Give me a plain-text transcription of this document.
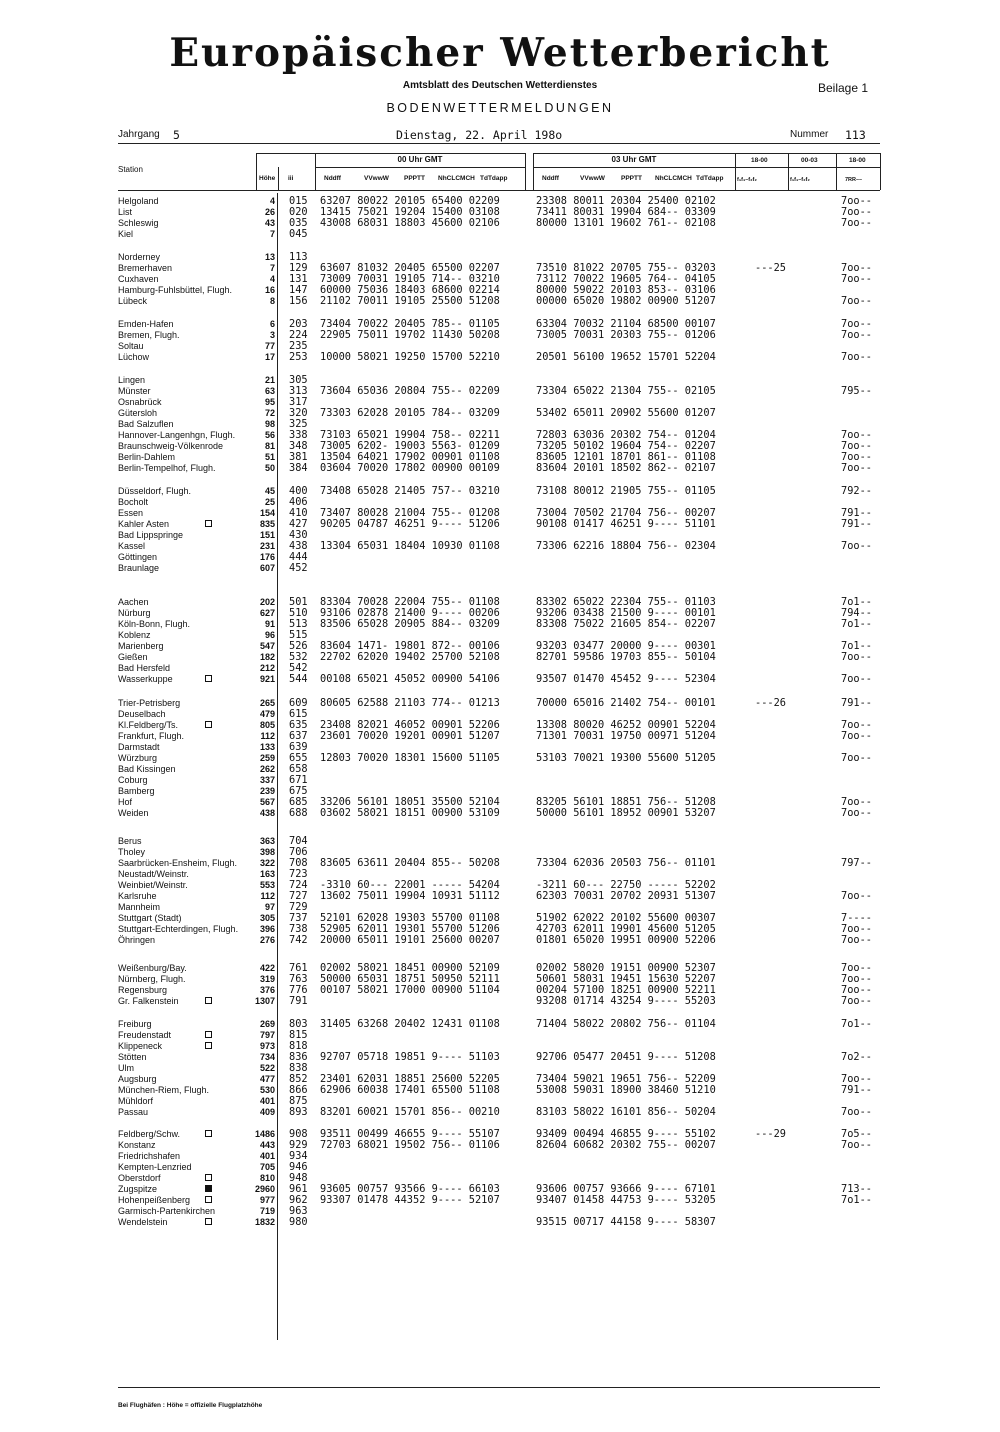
Europäischer Wetterbericht
Amtsblatt des Deutschen Wetterdienstes	Beilage 1
BODENWETTERMELDUNGEN
Jahrgang 5	Dienstag, 22. April 198o	Nummer 113
Station
Höhe iii
00 Uhr GMT	03 Uhr GMT
Nddff	VVwwW PPPTT NhCLCMCH TdTdapp	Nddff	VVwwW PPPTT NhCLCMCH TdTdapp
18-00	00-03	18-00
f₁f₁–f₂f₂	f₁f₁–f₂f₂	7RR––
Helgoland	4 015 63207 80022 20105 65400 02209	23308 80011 20304 25400 02102	7oo--
List	26 020 13415 75021 19204 15400 03108	73411 80031 19904 684-- 03309	7oo--
Schleswig	43 035 43008 68031 18803 45600 02106	80000 13101 19602 761-- 02108	7oo--
Kiel	7 045
Norderney	13 113
Bremerhaven	7 129 63607 81032 20405 65500 02207	73510 81022 20705 755-- 03203	---25	7oo--
Cuxhaven	4 131 73009 70031 19105 714-- 03210	73112 70022 19605 764-- 04105	7oo--
Hamburg-Fuhlsbüttel, Flugh.	16 147 60000 75036 18403 68600 02214	80000 59022 20103 853-- 03106
Lübeck	8 156 21102 70011 19105 25500 51208	00000 65020 19802 00900 51207	7oo--
Emden-Hafen	6 203 73404 70022 20405 785-- 01105	63304 70032 21104 68500 00107	7oo--
Bremen, Flugh.	3 224 22905 75011 19702 11430 50208	73005 70031 20303 755-- 01206	7oo--
Soltau	77 235
Lüchow	17 253 10000 58021 19250 15700 52210	20501 56100 19652 15701 52204	7oo--
Lingen	21 305
Münster	63 313 73604 65036 20804 755-- 02209	73304 65022 21304 755-- 02105	795--
Osnabrück	95 317
Gütersloh	72 320 73303 62028 20105 784-- 03209	53402 65011 20902 55600 01207
Bad Salzuflen	98 325
Hannover-Langenhgn, Flugh.	56 338 73103 65021 19904 758-- 02211	72803 63036 20302 754-- 01204	7oo--
Braunschweig-Völkenrode	81 348 73005 6202- 19003 5563- 01209	73205 50102 19604 754-- 02207	7oo--
Berlin-Dahlem	51 381 13504 64021 17902 00901 01108	83605 12101 18701 861-- 01108	7oo--
Berlin-Tempelhof, Flugh.	50 384 03604 70020 17802 00900 00109	83604 20101 18502 862-- 02107	7oo--
Düsseldorf, Flugh.	45 400 73408 65028 21405 757-- 03210	73108 80012 21905 755-- 01105	792--
Bocholt	25 406
Essen	154 410 73407 80028 21004 755-- 01208	73004 70502 21704 756-- 00207	791--
Kahler Asten	835 427 90205 04787 46251 9---- 51206	90108 01417 46251 9---- 51101	791--
Bad Lippspringe	151 430
Kassel	231 438 13304 65031 18404 10930 01108	73306 62216 18804 756-- 02304	7oo--
Göttingen	176 444
Braunlage	607 452
Aachen	202 501 83304 70028 22004 755-- 01108	83302 65022 22304 755-- 01103	7o1--
Nürburg	627 510 93106 02878 21400 9---- 00206	93206 03438 21500 9---- 00101	794--
Köln-Bonn, Flugh.	91 513 83506 65028 20905 884-- 03209	83308 75022 21605 854-- 02207	7o1--
Koblenz	96 515
Marienberg	547 526 83604 1471- 19801 872-- 00106	93203 03477 20000 9---- 00301	7o1--
Gießen	182 532 22702 62020 19402 25700 52108	82701 59586 19703 855-- 50104	7oo--
Bad Hersfeld	212 542
Wasserkuppe	921 544 00108 65021 45052 00900 54106	93507 01470 45452 9---- 52304	7oo--
Trier-Petrisberg	265 609 80605 62588 21103 774-- 01213	70000 65016 21402 754-- 00101	---26	791--
Deuselbach	479 615
Kl.Feldberg/Ts.	805 635 23408 82021 46052 00901 52206	13308 80020 46252 00901 52204	7oo--
Frankfurt, Flugh.	112 637 23601 70020 19201 00901 51207	71301 70031 19750 00971 51204	7oo--
Darmstadt	133 639
Würzburg	259 655 12803 70020 18301 15600 51105	53103 70021 19300 55600 51205	7oo--
Bad Kissingen	262 658
Coburg	337 671
Bamberg	239 675
Hof	567 685 33206 56101 18051 35500 52104	83205 56101 18851 756-- 51208	7oo--
Weiden	438 688 03602 58021 18151 00900 53109	50000 56101 18952 00901 53207	7oo--
Berus	363 704
Tholey	398 706
Saarbrücken-Ensheim, Flugh.	322 708 83605 63611 20404 855-- 50208	73304 62036 20503 756-- 01101	797--
Neustadt/Weinstr.	163 723
Weinbiet/Weinstr.	553 724 -3310 60--- 22001 ----- 54204	-3211 60--- 22750 ----- 52202
Karlsruhe	112 727 13602 75011 19904 10931 51112	62303 70031 20702 20931 51307	7oo--
Mannheim	97 729
Stuttgart (Stadt)	305 737 52101 62028 19303 55700 01108	51902 62022 20102 55600 00307	7----
Stuttgart-Echterdingen, Flugh.	396 738 52905 62011 19301 55700 51206	42703 62011 19901 45600 51205	7oo--
Öhringen	276 742 20000 65011 19101 25600 00207	01801 65020 19951 00900 52206	7oo--
Weißenburg/Bay.	422 761 02002 58021 18451 00900 52109	02002 58020 19151 00900 52307	7oo--
Nürnberg, Flugh.	319 763 50000 65031 18751 50950 52111	50601 58031 19451 15630 52207	7oo--
Regensburg	376 776 00107 58021 17000 00900 51104	00204 57100 18251 00900 52211	7oo--
Gr. Falkenstein	1307 791	93208 01714 43254 9---- 55203	7oo--
Freiburg	269 803 31405 63268 20402 12431 01108	71404 58022 20802 756-- 01104	7o1--
Freudenstadt	797 815
Klippeneck	973 818
Stötten	734 836 92707 05718 19851 9---- 51103	92706 05477 20451 9---- 51208	7o2--
Ulm	522 838
Augsburg	477 852 23401 62031 18851 25600 52205	73404 59021 19651 756-- 52209	7oo--
München-Riem, Flugh.	530 866 62906 60038 17401 65500 51108	53008 59031 18900 38460 51210	791--
Mühldorf	401 875
Passau	409 893 83201 60021 15701 856-- 00210	83103 58022 16101 856-- 50204	7oo--
Feldberg/Schw.	1486 908 93511 00499 46655 9---- 55107	93409 00494 46855 9---- 55102	---29	7o5--
Konstanz	443 929 72703 68021 19502 756-- 01106	82604 60682 20302 755-- 00207	7oo--
Friedrichshafen	401 934
Kempten-Lenzried	705 946
Oberstdorf	810 948
Zugspitze	2960 961 93605 00757 93566 9---- 66103	93606 00757 93666 9---- 67101	713--
Hohenpeißenberg	977 962 93307 01478 44352 9---- 52107	93407 01458 44753 9---- 53205	7o1--
Garmisch-Partenkirchen	719 963
Wendelstein	1832 980	93515 00717 44158 9---- 58307
Bei Flughäfen : Höhe = offizielle Flugplatzhöhe
